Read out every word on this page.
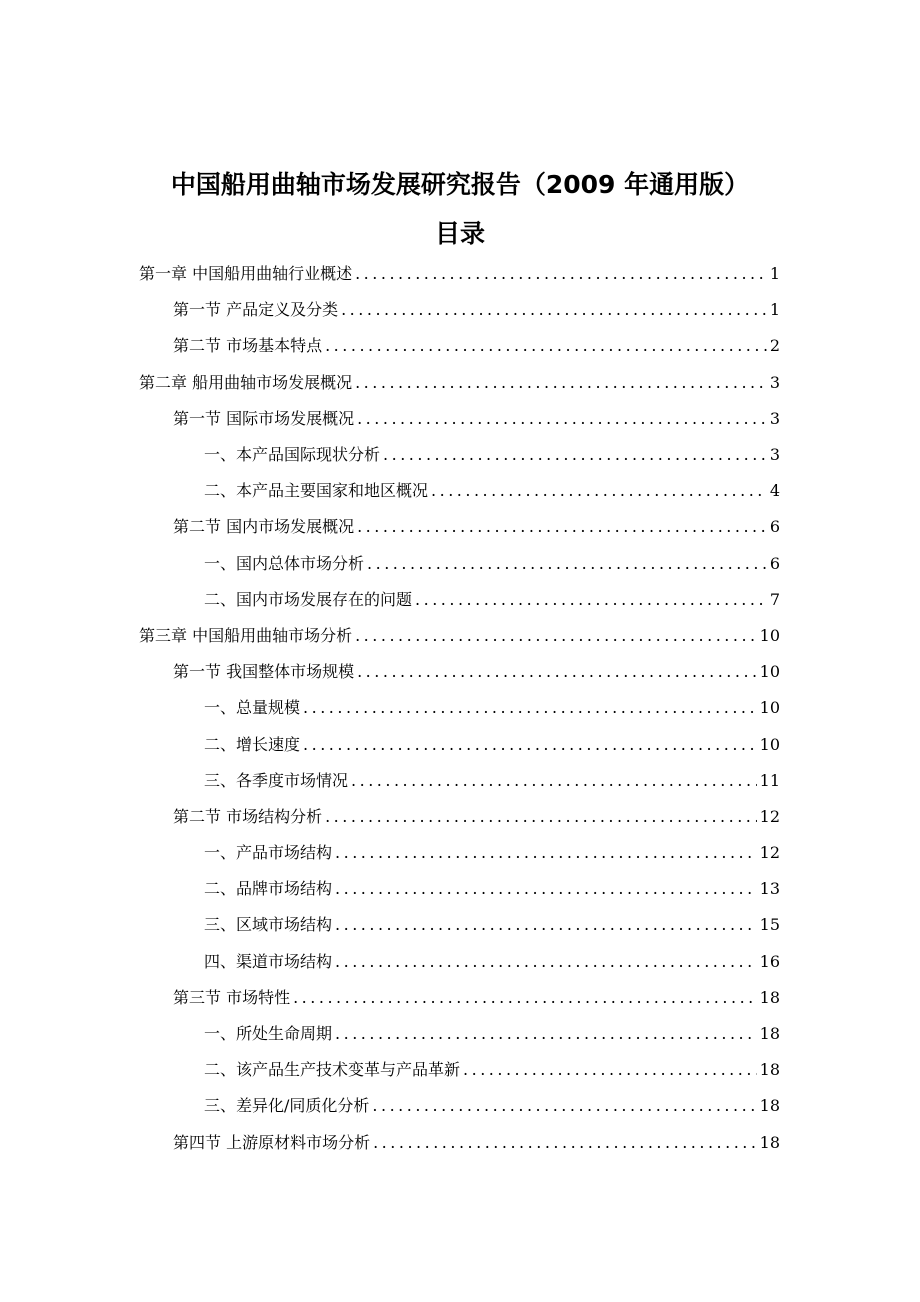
中国船用曲轴市场发展研究报告（2009 年通用版）
目录
第一章 中国船用曲轴行业概述 .....	1
第一节 产品定义及分类 .....	1
第二节 市场基本特点 .....	2
第二章 船用曲轴市场发展概况 .....	3
第一节 国际市场发展概况 .....	3
一、本产品国际现状分析 .....	3
二、本产品主要国家和地区概况 .....	4
第二节 国内市场发展概况 .....	6
一、国内总体市场分析 .....	6
二、国内市场发展存在的问题 .....	7
第三章 中国船用曲轴市场分析 .....	10
第一节 我国整体市场规模 .....	10
一、总量规模 .....	10
二、增长速度 .....	10
三、各季度市场情况 .....	11
第二节 市场结构分析 .....	12
一、产品市场结构 .....	12
二、品牌市场结构 .....	13
三、区域市场结构 .....	15
四、渠道市场结构 .....	16
第三节 市场特性 .....	18
一、所处生命周期 .....	18
二、该产品生产技术变革与产品革新 .....	18
三、差异化/同质化分析 .....	18
第四节 上游原材料市场分析 .....	18
